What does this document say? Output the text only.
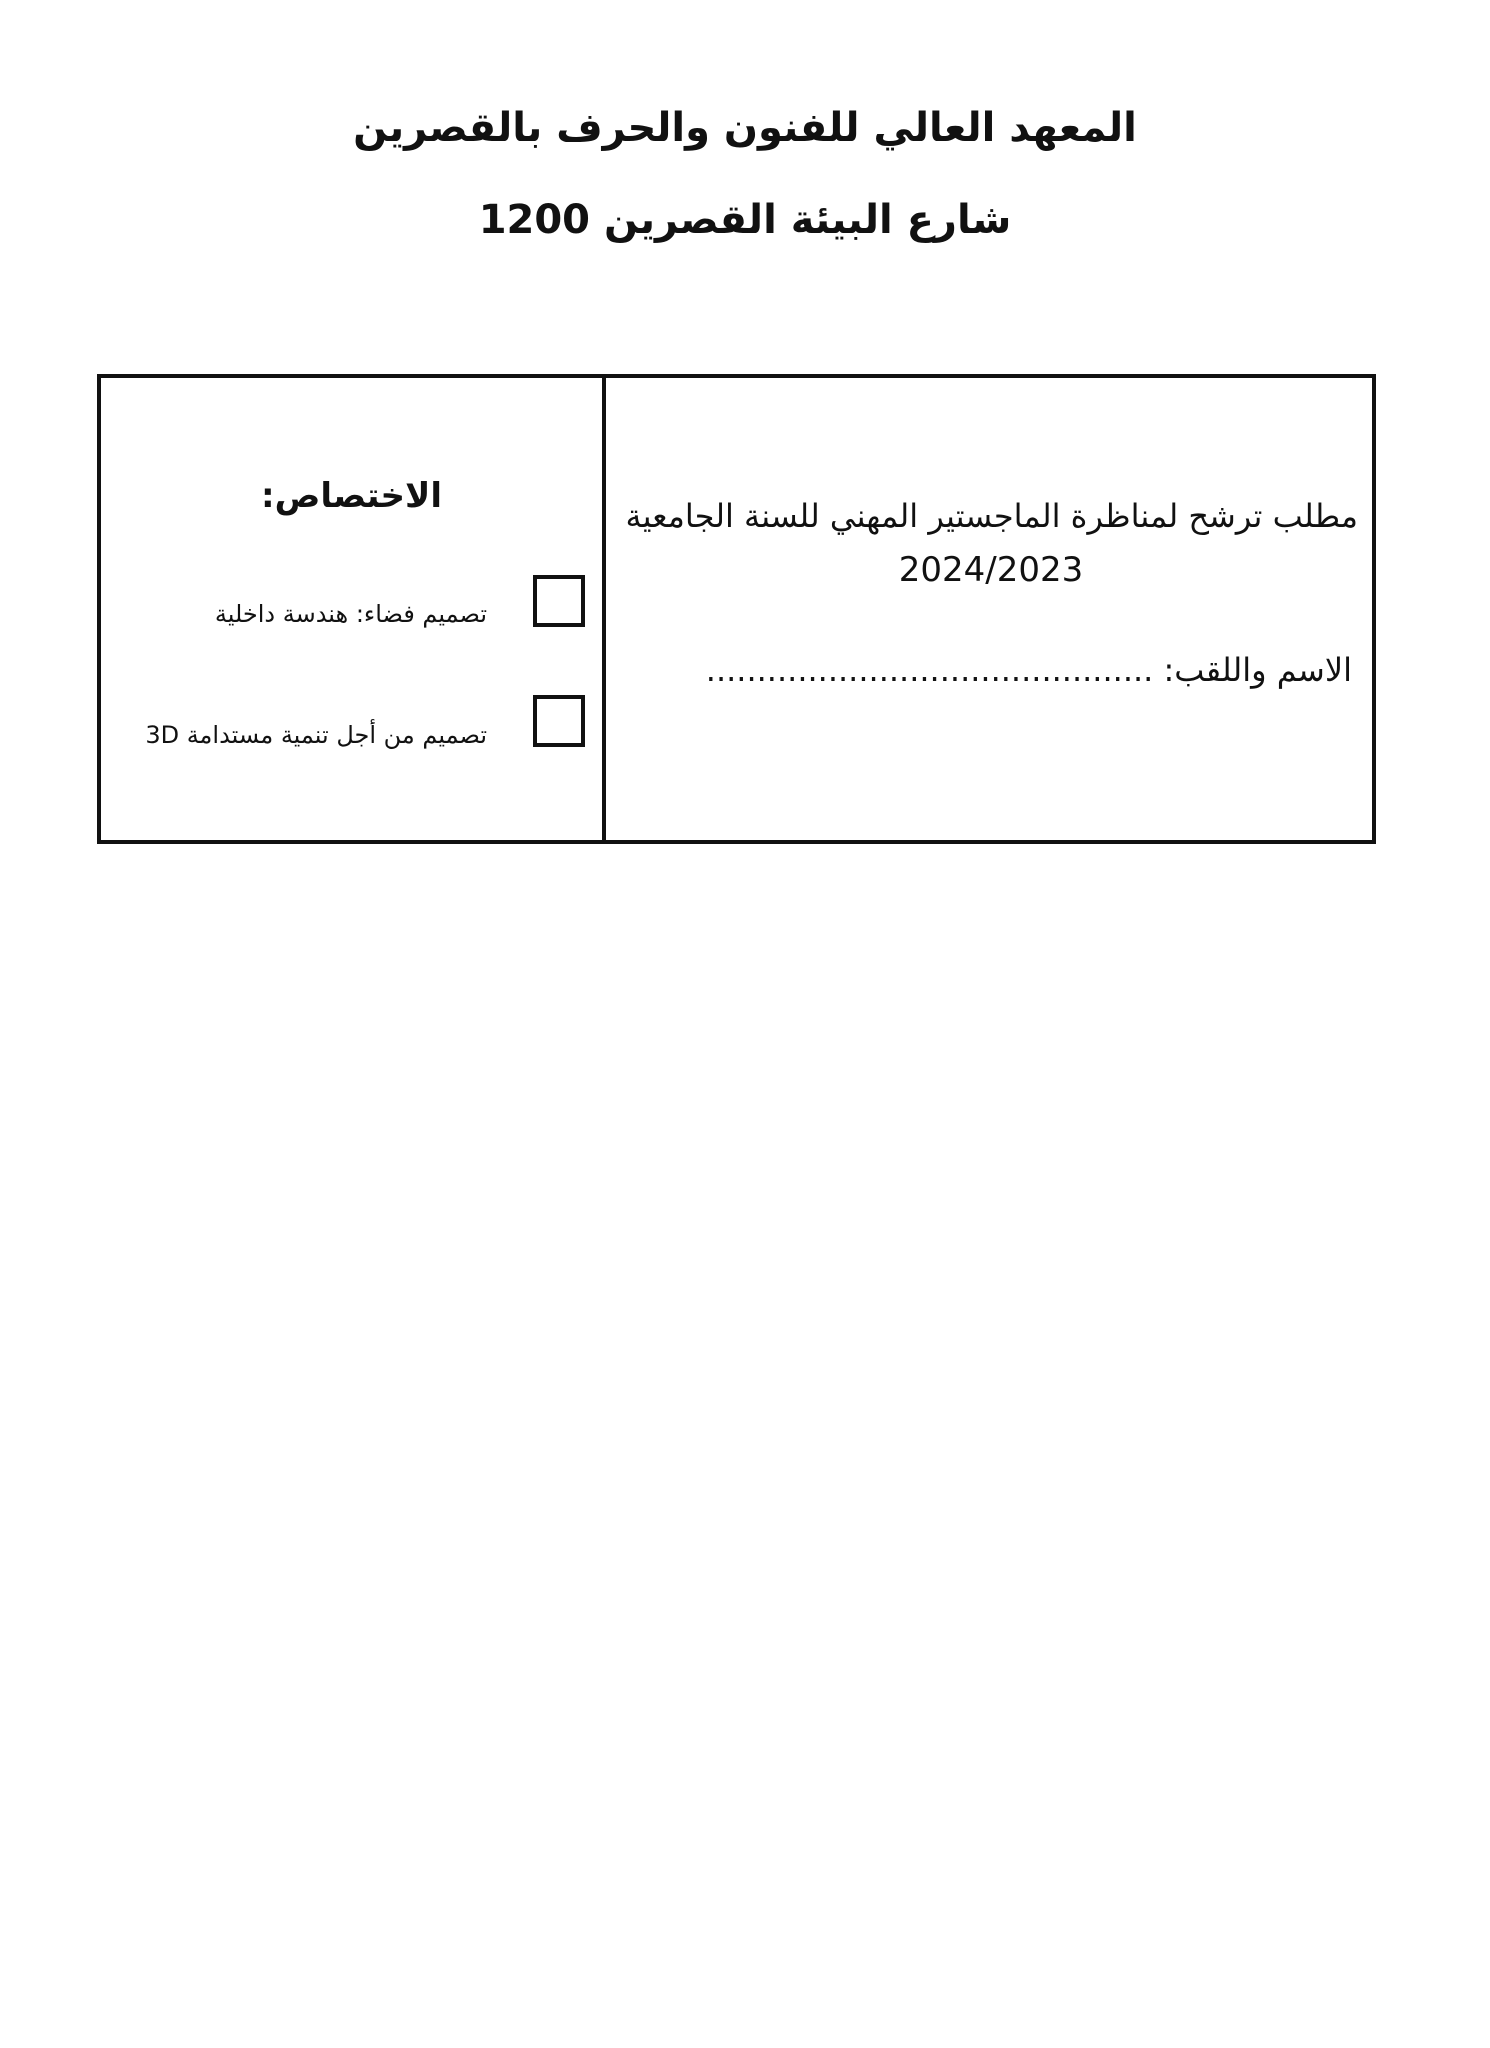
المعهد العالي للفنون والحرف بالقصرين
شارع البيئة القصرين 1200
مطلب ترشح لمناظرة الماجستير المهني للسنة الجامعية
2024/2023
الاسم واللقب: ............................................
الاختصاص:
تصميم فضاء: هندسة داخلية
تصميم من أجل تنمية مستدامة 3D
